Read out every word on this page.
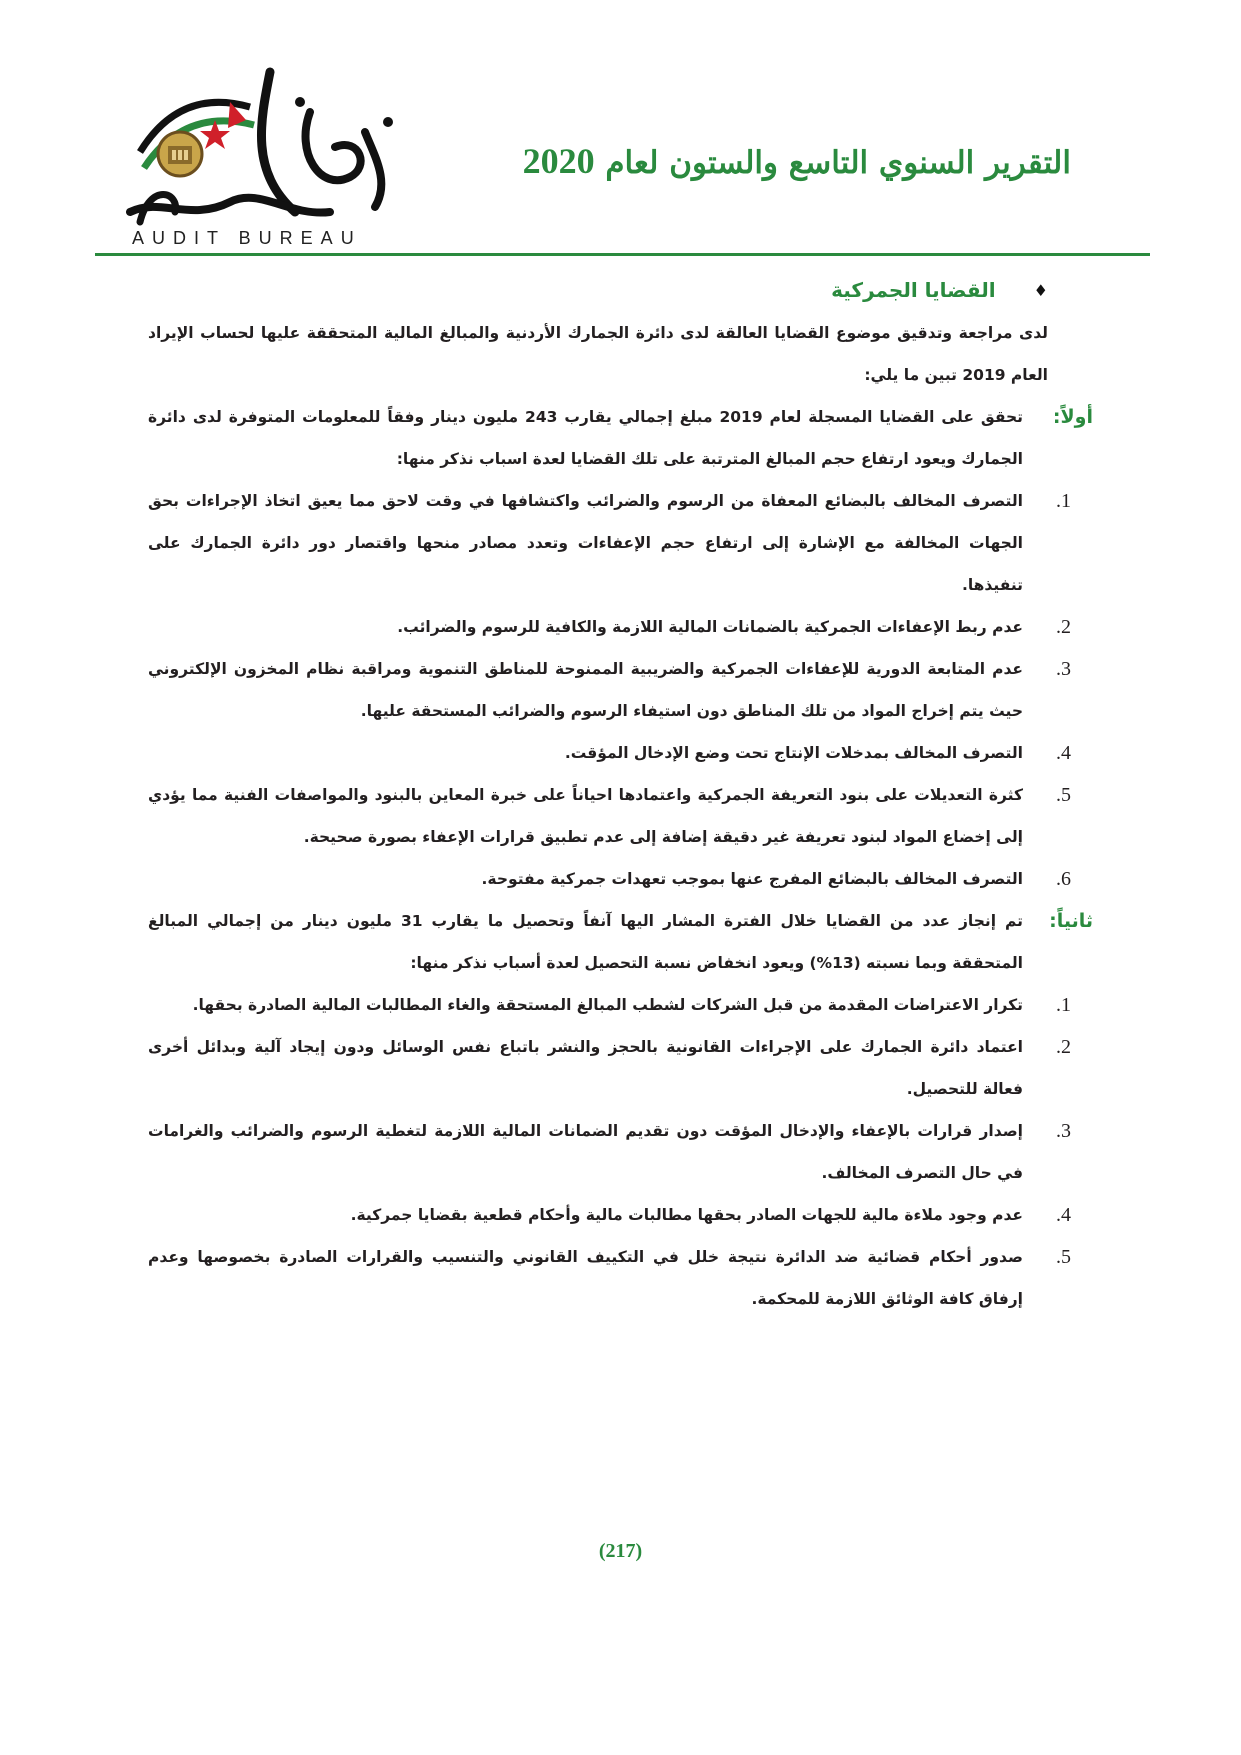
التقرير السنوي التاسع والستون لعام 2020
AUDIT BUREAU
♦
القضايا الجمركية

لدى مراجعة وتدقيق موضوع القضايا العالقة لدى دائرة الجمارك الأردنية والمبالغ المالية المتحققة عليها لحساب الإيراد العام 2019 تبين ما يلي:

أولاً:

تحقق على القضايا المسجلة لعام 2019 مبلغ إجمالي يقارب 243 مليون دينار وفقاً للمعلومات المتوفرة لدى دائرة الجمارك ويعود ارتفاع حجم المبالغ المترتبة على تلك القضايا لعدة اسباب نذكر منها:

.1

التصرف المخالف بالبضائع المعفاة من الرسوم والضرائب واكتشافها في وقت لاحق مما يعيق اتخاذ الإجراءات بحق الجهات المخالفة مع الإشارة إلى ارتفاع حجم الإعفاءات وتعدد مصادر منحها واقتصار دور دائرة الجمارك على تنفيذها.

.2

عدم ربط الإعفاءات الجمركية بالضمانات المالية اللازمة والكافية للرسوم والضرائب.

.3

عدم المتابعة الدورية للإعفاءات الجمركية والضريبية الممنوحة للمناطق التنموية ومراقبة نظام المخزون الإلكتروني حيث يتم إخراج المواد من تلك المناطق دون استيفاء الرسوم والضرائب المستحقة عليها.

.4

التصرف المخالف بمدخلات الإنتاج تحت وضع الإدخال المؤقت.

.5

كثرة التعديلات على بنود التعريفة الجمركية واعتمادها احياناً على خبرة المعاين بالبنود والمواصفات الفنية مما يؤدي إلى إخضاع المواد لبنود تعريفة غير دقيقة إضافة إلى عدم تطبيق قرارات الإعفاء بصورة صحيحة.

.6

التصرف المخالف بالبضائع المفرج عنها بموجب تعهدات جمركية مفتوحة.

ثانياً:

تم إنجاز عدد من القضايا خلال الفترة المشار اليها آنفاً وتحصيل ما يقارب 31 مليون دينار من إجمالي المبالغ المتحققة وبما نسبته (13%) ويعود انخفاض نسبة التحصيل لعدة أسباب نذكر منها:

.1

تكرار الاعتراضات المقدمة من قبل الشركات لشطب المبالغ المستحقة والغاء المطالبات المالية الصادرة بحقها.

.2

اعتماد دائرة الجمارك على الإجراءات القانونية بالحجز والنشر باتباع نفس الوسائل ودون إيجاد آلية وبدائل أخرى فعالة للتحصيل.

.3

إصدار قرارات بالإعفاء والإدخال المؤقت دون تقديم الضمانات المالية اللازمة لتغطية الرسوم والضرائب والغرامات في حال التصرف المخالف.

.4

عدم وجود ملاءة مالية للجهات الصادر بحقها مطالبات مالية وأحكام قطعية بقضايا جمركية.

.5

صدور أحكام قضائية ضد الدائرة نتيجة خلل في التكييف القانوني والتنسيب والقرارات الصادرة بخصوصها وعدم إرفاق كافة الوثائق اللازمة للمحكمة.

(217)
